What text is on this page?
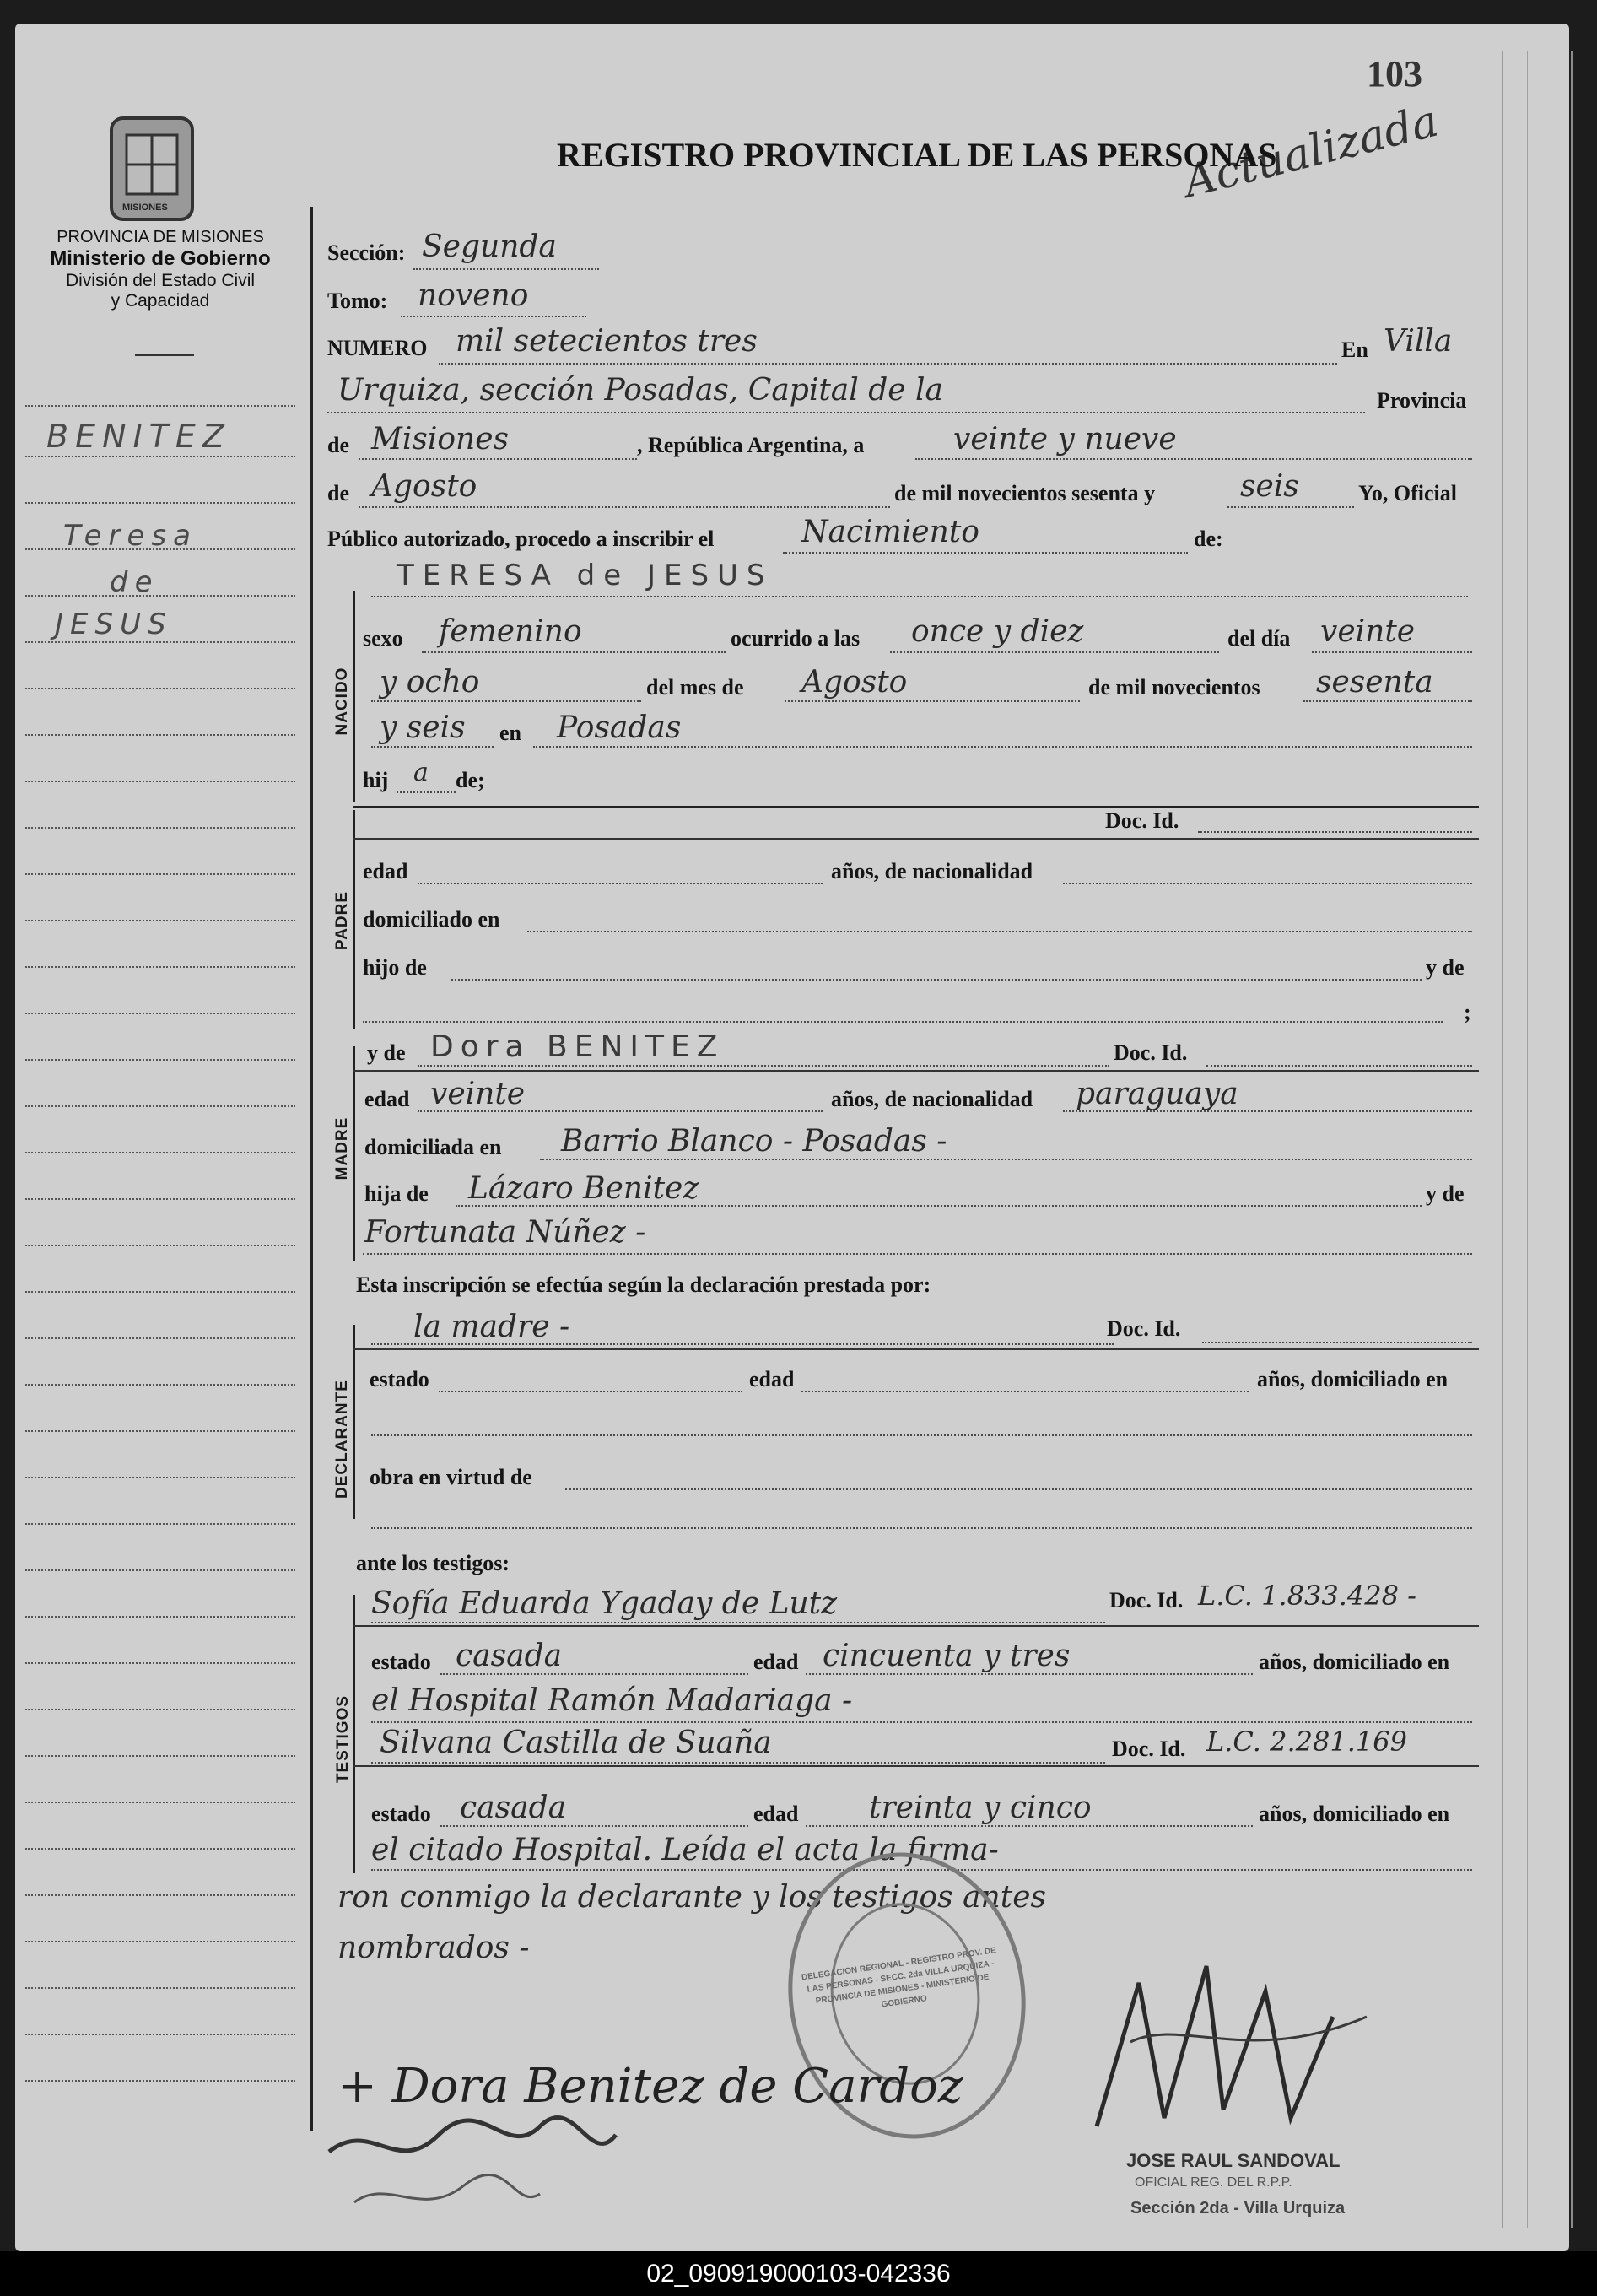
103
Actualizada
MISIONES
PROVINCIA DE MISIONES
Ministerio de Gobierno
División del Estado Civil
y Capacidad
REGISTRO PROVINCIAL DE LAS PERSONAS
BENITEZ
Teresa
de
JESUS
Sección: Segunda
Tomo: noveno
NUMERO mil setecientos tres	En Villa
Urquiza, sección Posadas, Capital de la	Provincia
de Misiones	, República Argentina, a	veinte y nueve
de Agosto	de mil novecientos sesenta y	seis	Yo, Oficial
Público autorizado, procedo a inscribir el	Nacimiento	de:
TERESA de JESUS
NACIDO
sexo femenino	ocurrido a las once y diez	del día veinte
y ocho	del mes de Agosto	de mil novecientos sesenta
y seis en Posadas
hij a de;
Doc. Id.
PADRE
edad	años, de nacionalidad
domiciliado en
hijo de	y de
;
y de Dora BENITEZ	Doc. Id.
MADRE
edad veinte	años, de nacionalidad paraguaya
domiciliada en Barrio Blanco - Posadas -
hija de Lázaro Benitez	y de
Fortunata Núñez -
Esta inscripción se efectúa según la declaración prestada por:
la madre -	Doc. Id.
DECLARANTE
estado	edad	años, domiciliado en
obra en virtud de
ante los testigos:
TESTIGOS
Sofía Eduarda Ygaday de Lutz	Doc. Id. L.C. 1.833.428 -
estado casada	edad cincuenta y tres	años, domiciliado en
el Hospital Ramón Madariaga -
Silvana Castilla de Suaña	Doc. Id. L.C. 2.281.169
estado casada	edad treinta y cinco	años, domiciliado en
el citado Hospital. Leída el acta la firma-
ron conmigo la declarante y los testigos antes
nombrados -	DELEGACION REGIONAL - REGISTRO PROV. DE LAS PERSONAS - SECC. 2da VILLA URQUIZA - PROVINCIA DE MISIONES - MINISTERIO DE GOBIERNO
+ Dora Benitez de Cardoz
JOSE RAUL SANDOVAL
OFICIAL REG. DEL R.P.P.
Sección 2da - Villa Urquiza
02_090919000103-042336
